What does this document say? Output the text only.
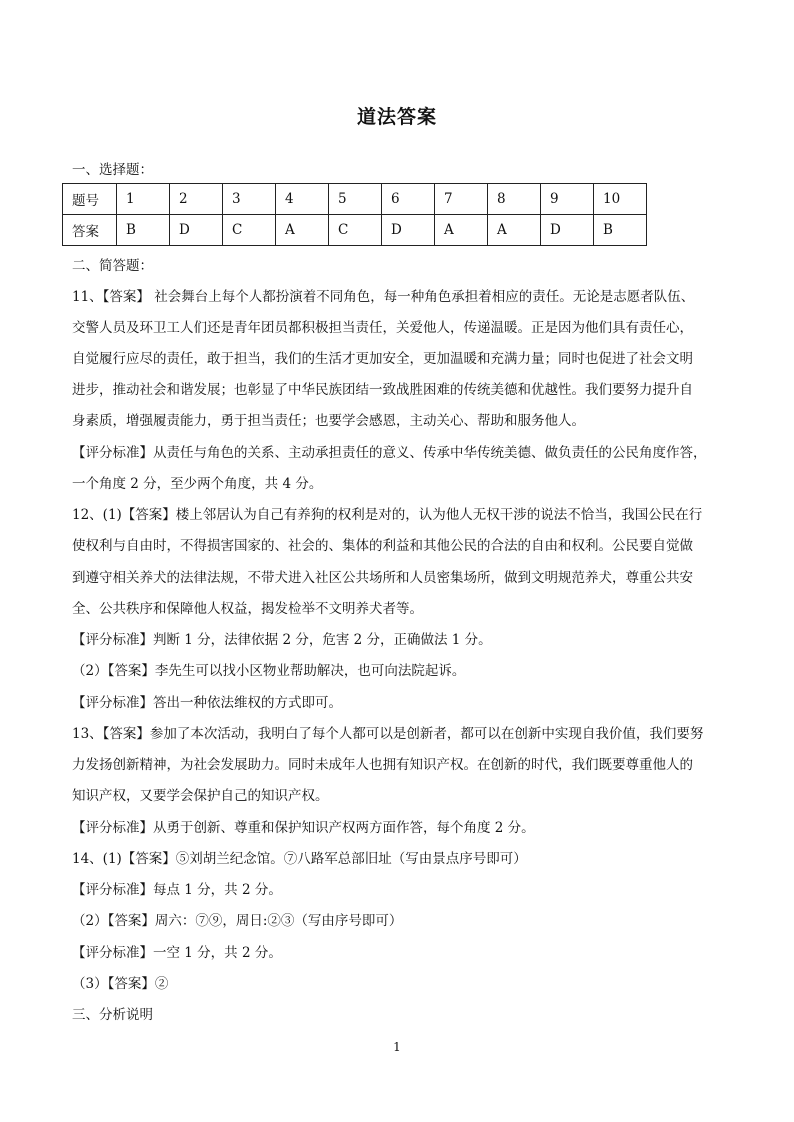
道法答案
一、选择题：
题号	1	2	3	4	5	6	7	8	9	10
答案	B	D	C	A	C	D	A	A	D	B
二、简答题：
11、【答案】 社会舞台上每个人都扮演着不同角色，每一种角色承担着相应的责任。无论是志愿者队伍、
交警人员及环卫工人们还是青年团员都积极担当责任，关爱他人，传递温暖。正是因为他们具有责任心，
自觉履行应尽的责任，敢于担当，我们的生活才更加安全，更加温暖和充满力量；同时也促进了社会文明
进步，推动社会和谐发展；也彰显了中华民族团结一致战胜困难的传统美德和优越性。我们要努力提升自
身素质，增强履责能力，勇于担当责任；也要学会感恩，主动关心、帮助和服务他人。
【评分标准】从责任与角色的关系、主动承担责任的意义、传承中华传统美德、做负责任的公民角度作答，
一个角度 2 分，至少两个角度，共 4 分。
12、(1)【答案】楼上邻居认为自己有养狗的权利是对的，认为他人无权干涉的说法不恰当，我国公民在行
使权利与自由时，不得损害国家的、社会的、集体的利益和其他公民的合法的自由和权利。公民要自觉做
到遵守相关养犬的法律法规，不带犬进入社区公共场所和人员密集场所，做到文明规范养犬，尊重公共安
全、公共秩序和保障他人权益，揭发检举不文明养犬者等。
【评分标准】判断 1 分，法律依据 2 分，危害 2 分，正确做法 1 分。
（2）【答案】李先生可以找小区物业帮助解决，也可向法院起诉。
【评分标准】答出一种依法维权的方式即可。
13、【答案】参加了本次活动，我明白了每个人都可以是创新者，都可以在创新中实现自我价值，我们要努
力发扬创新精神，为社会发展助力。同时未成年人也拥有知识产权。在创新的时代，我们既要尊重他人的
知识产权，又要学会保护自己的知识产权。
【评分标准】从勇于创新、尊重和保护知识产权两方面作答，每个角度 2 分。
14、(1)【答案】⑤刘胡兰纪念馆。⑦八路军总部旧址（写由景点序号即可）
【评分标准】每点 1 分，共 2 分。
（2）【答案】周六：⑦⑨，周日:②③（写由序号即可）
【评分标准】一空 1 分，共 2 分。
（3）【答案】②
三、分析说明
1
